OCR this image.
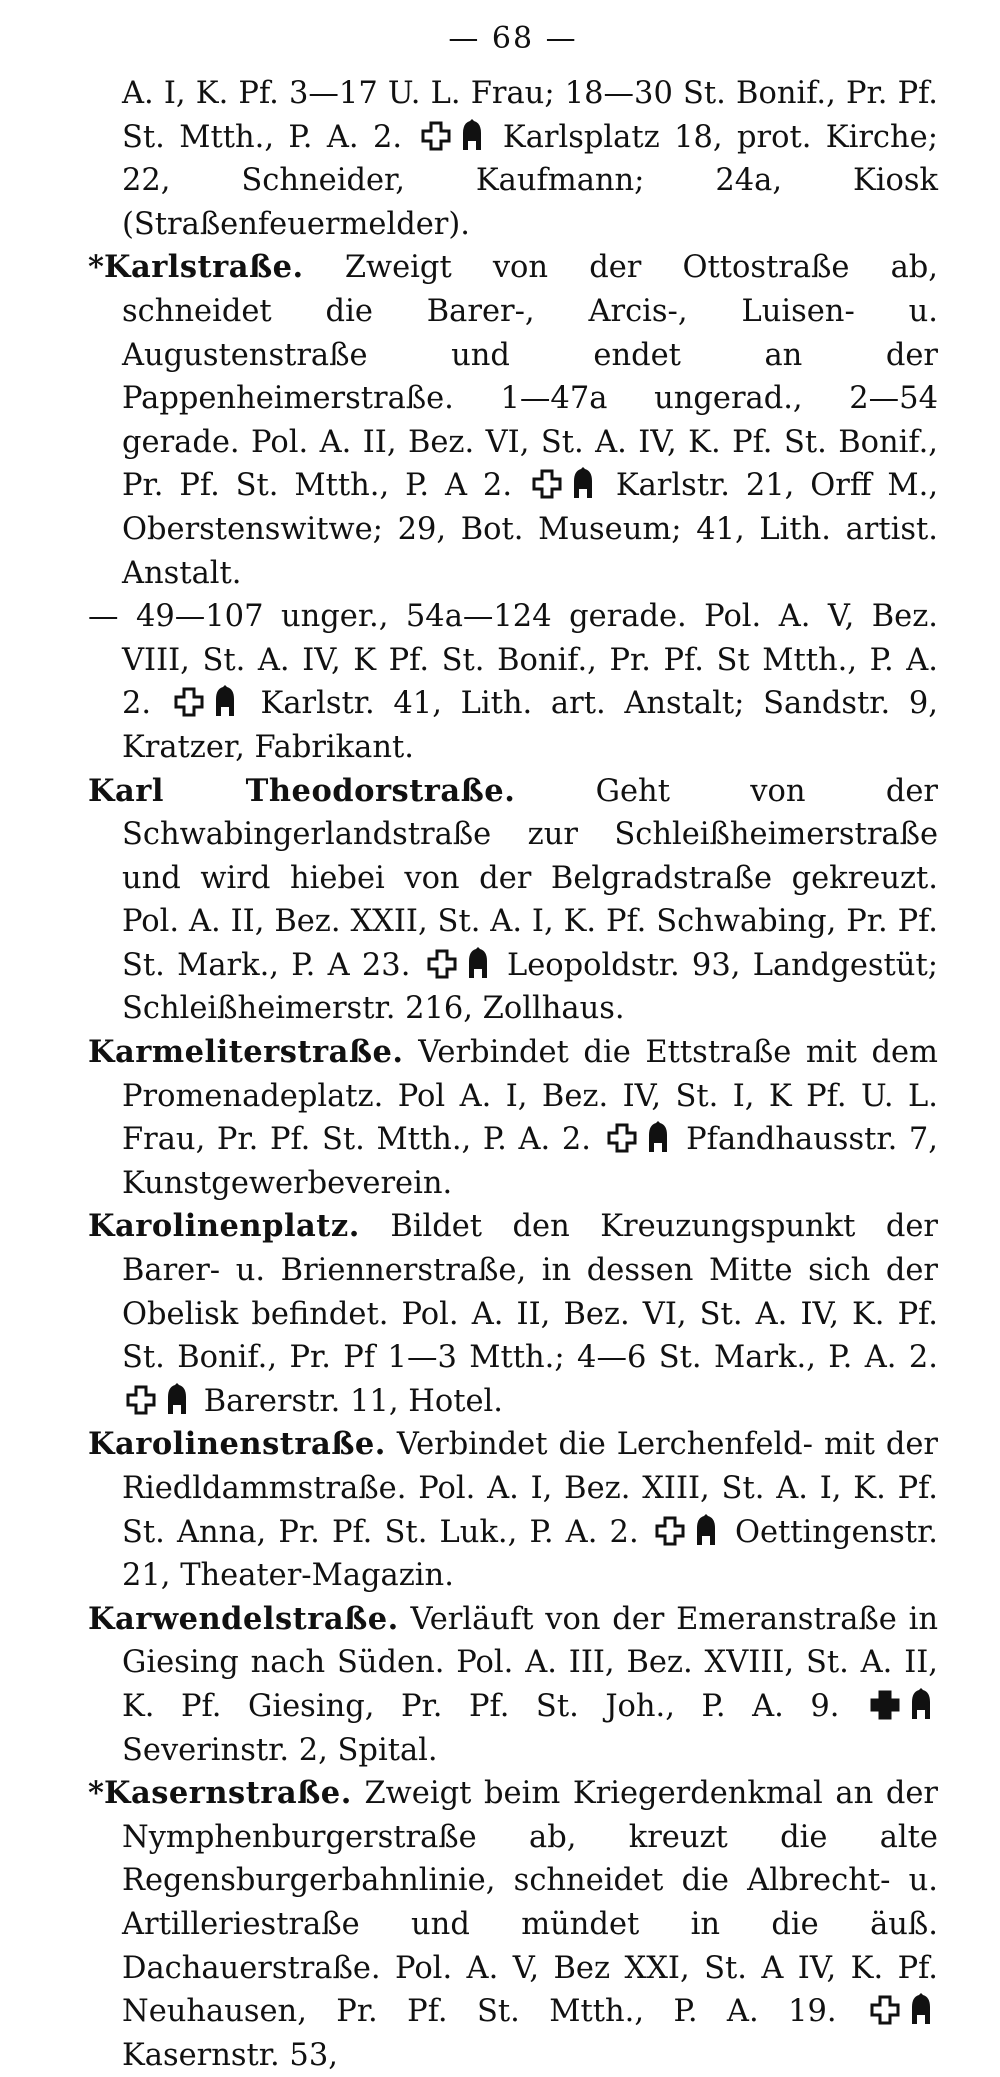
— 68 —

A. I, K. Pf. 3—17 U. L. Frau; 18—30 St. Bonif., Pr. Pf. St. Mtth., P. A. 2.
Karlsplatz 18, prot. Kirche; 22, Schneider, Kaufmann; 24a, Kiosk (Straßenfeuermelder).

*Karlstraße. Zweigt von der Ottostraße ab, schneidet die Barer-, Arcis-, Luisen- u. Augustenstraße und endet an der Pappenheimerstraße. 1—47a ungerad., 2—54 gerade. Pol. A. II, Bez. VI, St. A. IV, K. Pf. St. Bonif., Pr. Pf. St. Mtth., P. A 2.
Karlstr. 21, Orff M., Oberstenswitwe; 29, Bot. Museum; 41, Lith. artist. Anstalt.

— 49—107 unger., 54a—124 gerade. Pol. A. V, Bez. VIII, St. A. IV, K Pf. St. Bonif., Pr. Pf. St Mtth., P. A. 2.
Karlstr. 41, Lith. art. Anstalt; Sandstr. 9, Kratzer, Fabrikant.

Karl Theodorstraße.	Geht von der Schwabingerlandstraße zur Schleißheimerstraße und wird hiebei von der Belgradstraße gekreuzt. Pol. A. II, Bez. XXII, St. A. I, K. Pf. Schwabing, Pr. Pf. St. Mark., P. A 23.
Leopoldstr. 93, Landgestüt; Schleißheimerstr. 216, Zollhaus.

Karmeliterstraße. Verbindet die Ettstraße mit dem Promenadeplatz. Pol A. I, Bez. IV, St. I, K Pf. U. L. Frau, Pr. Pf. St. Mtth., P. A. 2.
Pfandhausstr. 7, Kunstgewerbeverein.

Karolinenplatz. Bildet den Kreuzungspunkt der Barer- u. Briennerstraße, in dessen Mitte sich der Obelisk befindet. Pol. A. II, Bez. VI, St. A. IV, K. Pf. St. Bonif., Pr. Pf 1—3 Mtth.; 4—6 St. Mark., P. A. 2.
Barerstr. 11, Hotel.

Karolinenstraße. Verbindet die Lerchenfeld- mit der Riedldammstraße. Pol. A. I, Bez. XIII, St. A. I, K. Pf. St. Anna, Pr. Pf. St. Luk., P. A. 2.
Oettingenstr. 21, Theater-Magazin.

Karwendelstraße. Verläuft von der Emeranstraße in Giesing nach Süden. Pol. A. III, Bez. XVIII, St. A. II, K. Pf. Giesing, Pr. Pf. St. Joh., P. A. 9.
Severinstr. 2, Spital.

*Kasernstraße. Zweigt beim Kriegerdenkmal an der Nymphenburgerstraße ab, kreuzt die alte Regensburgerbahnlinie, schneidet die Albrecht- u. Artilleriestraße und mündet in die äuß. Dachauerstraße. Pol. A. V, Bez XXI, St. A IV, K. Pf. Neuhausen, Pr. Pf. St. Mtth., P. A. 19.
Kasernstr. 53,
